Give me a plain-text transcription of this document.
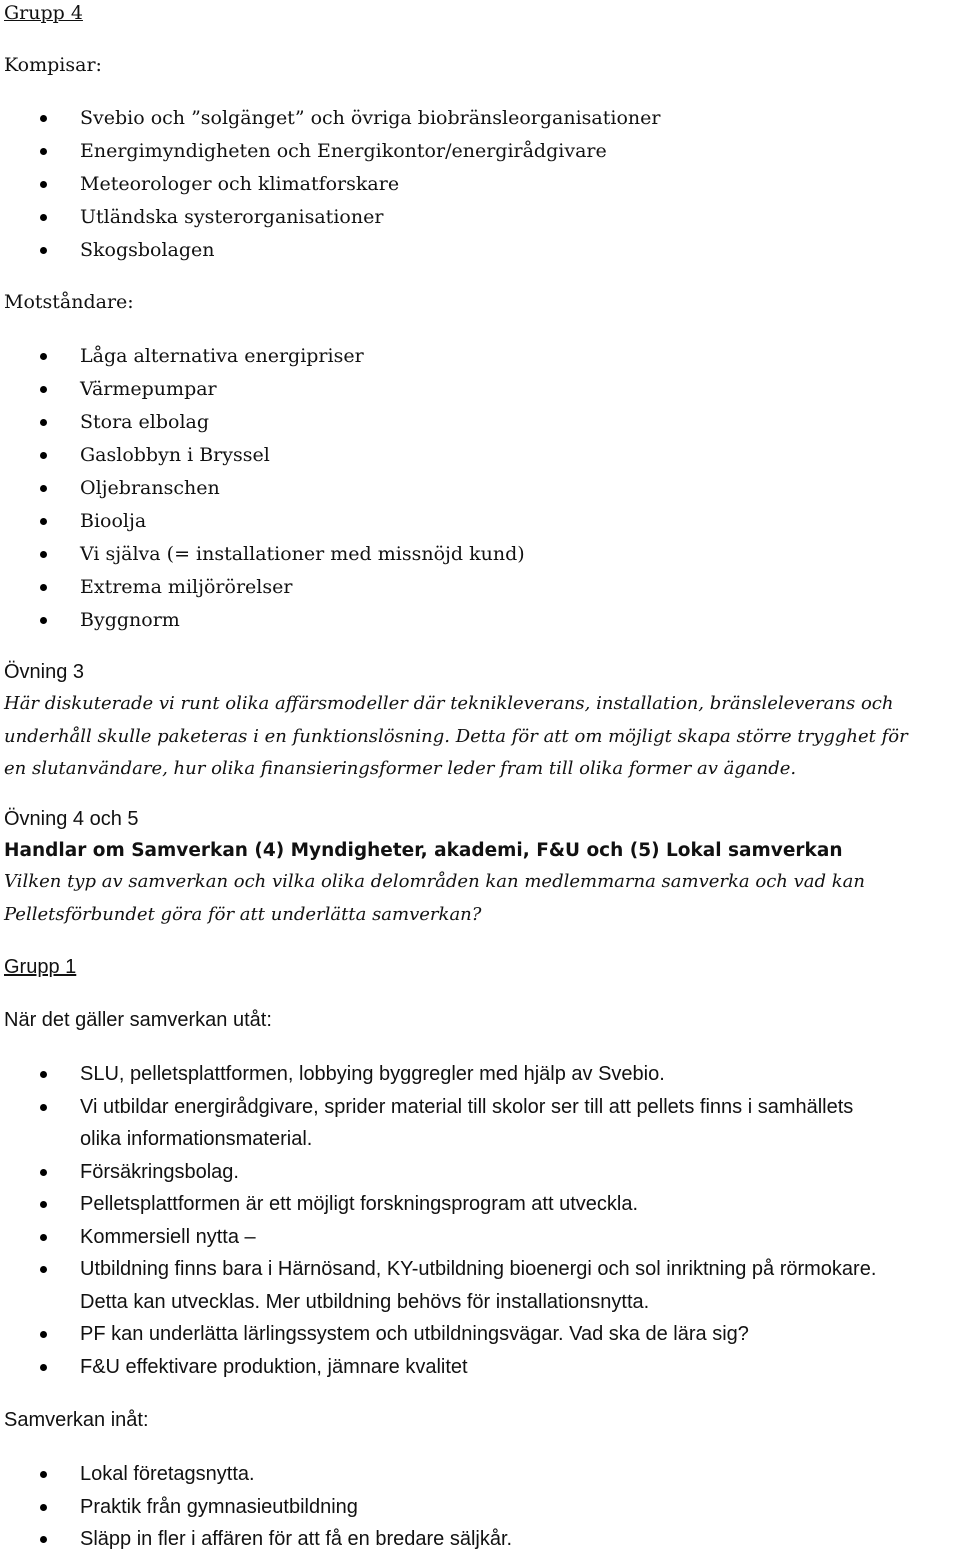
Grupp 4

Kompisar:

Svebio och ”solgänget” och övriga biobränsleorganisationer
Energimyndigheten och Energikontor/energirådgivare
Meteorologer och klimatforskare
Utländska systerorganisationer
Skogsbolagen

Motståndare:

Låga alternativa energipriser
Värmepumpar
Stora elbolag
Gaslobbyn i Bryssel
Oljebranschen
Bioolja
Vi själva (= installationer med missnöjd kund)
Extrema miljörörelser
Byggnorm

Övning 3

Här diskuterade vi runt olika affärsmodeller där teknikleverans, installation, bränsleleverans och
underhåll skulle paketeras i en funktionslösning. Detta för att om möjligt skapa större trygghet för
en slutanvändare, hur olika finansieringsformer leder fram till olika former av ägande.

Övning 4 och 5

Handlar om Samverkan (4) Myndigheter, akademi, F&U och (5) Lokal samverkan

Vilken typ av samverkan och vilka olika delområden kan medlemmarna samverka och vad kan
Pelletsförbundet göra för att underlätta samverkan?

Grupp 1

När det gäller samverkan utåt:

SLU, pelletsplattformen, lobbying byggregler med hjälp av Svebio.
Vi utbildar energirådgivare, sprider material till skolor ser till att pellets finns i samhällets olika informationsmaterial.
Försäkringsbolag.
Pelletsplattformen är ett möjligt forskningsprogram att utveckla.
Kommersiell nytta –
Utbildning finns bara i Härnösand, KY-utbildning bioenergi och sol inriktning på rörmokare. Detta kan utvecklas. Mer utbildning behövs för installationsnytta.
PF kan underlätta lärlingssystem och utbildningsvägar. Vad ska de lära sig?
F&U effektivare produktion, jämnare kvalitet

Samverkan inåt:

Lokal företagsnytta.
Praktik från gymnasieutbildning
Släpp in fler i affären för att få en bredare säljkår.
